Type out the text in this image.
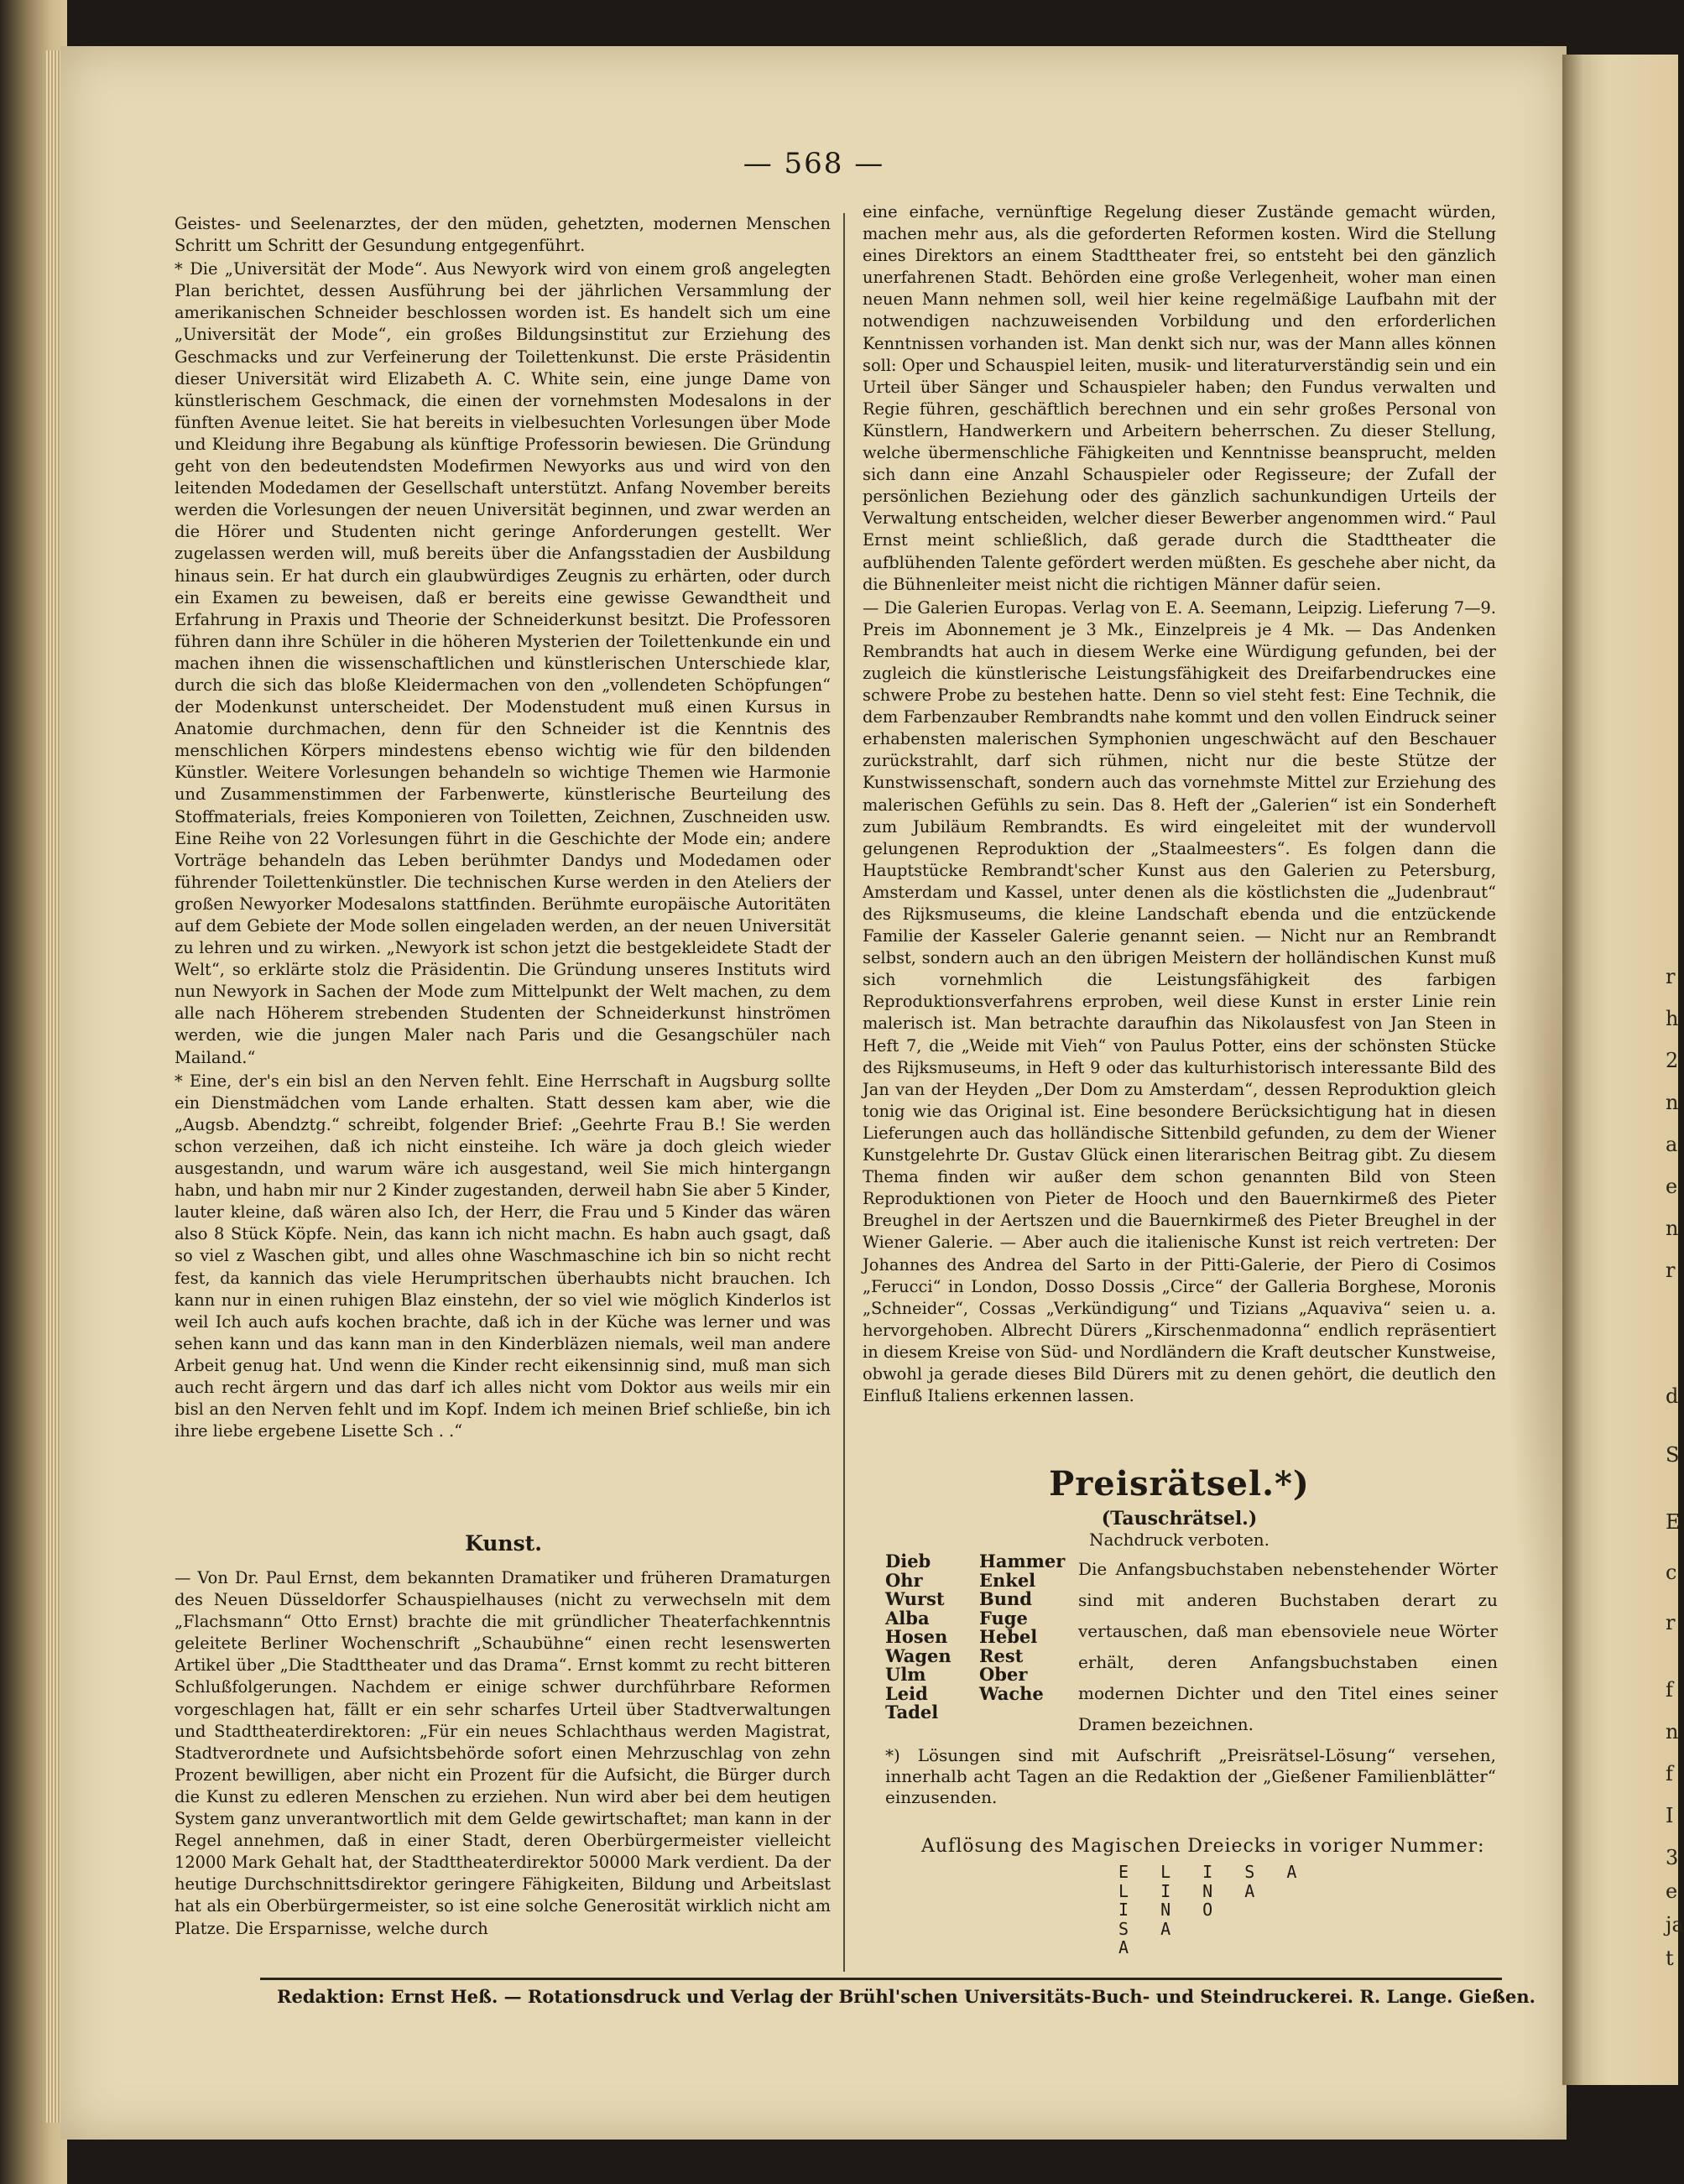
— 568 —

Geistes- und Seelenarztes, der den müden, gehetzten, modernen Menschen Schritt um Schritt der Gesundung entgegenführt.

* Die „Universität der Mode“. Aus Newyork wird von einem groß angelegten Plan berichtet, dessen Ausführung bei der jährlichen Versammlung der amerikanischen Schneider beschlossen worden ist. Es handelt sich um eine „Universität der Mode“, ein großes Bildungsinstitut zur Erziehung des Geschmacks und zur Verfeinerung der Toilettenkunst. Die erste Präsidentin dieser Universität wird Elizabeth A. C. White sein, eine junge Dame von künstlerischem Geschmack, die einen der vornehmsten Modesalons in der fünften Avenue leitet. Sie hat bereits in vielbesuchten Vorlesungen über Mode und Kleidung ihre Begabung als künftige Professorin bewiesen. Die Gründung geht von den bedeutendsten Modefirmen Newyorks aus und wird von den leitenden Modedamen der Gesellschaft unterstützt. Anfang November bereits werden die Vorlesungen der neuen Universität beginnen, und zwar werden an die Hörer und Studenten nicht geringe Anforderungen gestellt. Wer zugelassen werden will, muß bereits über die Anfangsstadien der Ausbildung hinaus sein. Er hat durch ein glaubwürdiges Zeugnis zu erhärten, oder durch ein Examen zu beweisen, daß er bereits eine gewisse Gewandtheit und Erfahrung in Praxis und Theorie der Schneiderkunst besitzt. Die Professoren führen dann ihre Schüler in die höheren Mysterien der Toilettenkunde ein und machen ihnen die wissenschaftlichen und künstlerischen Unterschiede klar, durch die sich das bloße Kleidermachen von den „vollendeten Schöpfungen“ der Modenkunst unterscheidet. Der Modenstudent muß einen Kursus in Anatomie durchmachen, denn für den Schneider ist die Kenntnis des menschlichen Körpers mindestens ebenso wichtig wie für den bildenden Künstler. Weitere Vorlesungen behandeln so wichtige Themen wie Harmonie und Zusammenstimmen der Farbenwerte, künstlerische Beurteilung des Stoffmaterials, freies Komponieren von Toiletten, Zeichnen, Zuschneiden usw. Eine Reihe von 22 Vorlesungen führt in die Geschichte der Mode ein; andere Vorträge behandeln das Leben berühmter Dandys und Modedamen oder führender Toilettenkünstler. Die technischen Kurse werden in den Ateliers der großen Newyorker Modesalons stattfinden. Berühmte europäische Autoritäten auf dem Gebiete der Mode sollen eingeladen werden, an der neuen Universität zu lehren und zu wirken. „Newyork ist schon jetzt die bestgekleidete Stadt der Welt“, so erklärte stolz die Präsidentin. Die Gründung unseres Instituts wird nun Newyork in Sachen der Mode zum Mittelpunkt der Welt machen, zu dem alle nach Höherem strebenden Studenten der Schneiderkunst hinströmen werden, wie die jungen Maler nach Paris und die Gesangschüler nach Mailand.“

* Eine, der's ein bisl an den Nerven fehlt. Eine Herrschaft in Augsburg sollte ein Dienstmädchen vom Lande erhalten. Statt dessen kam aber, wie die „Augsb. Abendztg.“ schreibt, folgender Brief: „Geehrte Frau B.! Sie werden schon verzeihen, daß ich nicht einsteihe. Ich wäre ja doch gleich wieder ausgestandn, und warum wäre ich ausgestand, weil Sie mich hintergangn habn, und habn mir nur 2 Kinder zugestanden, derweil habn Sie aber 5 Kinder, lauter kleine, daß wären also Ich, der Herr, die Frau und 5 Kinder das wären also 8 Stück Köpfe. Nein, das kann ich nicht machn. Es habn auch gsagt, daß so viel z Waschen gibt, und alles ohne Waschmaschine ich bin so nicht recht fest, da kannich das viele Herumpritschen überhaubts nicht brauchen. Ich kann nur in einen ruhigen Blaz einstehn, der so viel wie möglich Kinderlos ist weil Ich auch aufs kochen brachte, daß ich in der Küche was lerner und was sehen kann und das kann man in den Kinderbläzen niemals, weil man andere Arbeit genug hat. Und wenn die Kinder recht eikensinnig sind, muß man sich auch recht ärgern und das darf ich alles nicht vom Doktor aus weils mir ein bisl an den Nerven fehlt und im Kopf. Indem ich meinen Brief schließe, bin ich ihre liebe ergebene Lisette Sch . .“

Kunst.

— Von Dr. Paul Ernst, dem bekannten Dramatiker und früheren Dramaturgen des Neuen Düsseldorfer Schauspielhauses (nicht zu verwechseln mit dem „Flachsmann“ Otto Ernst) brachte die mit gründlicher Theaterfachkenntnis geleitete Berliner Wochenschrift „Schaubühne“ einen recht lesenswerten Artikel über „Die Stadttheater und das Drama“. Ernst kommt zu recht bitteren Schlußfolgerungen. Nachdem er einige schwer durchführbare Reformen vorgeschlagen hat, fällt er ein sehr scharfes Urteil über Stadtverwaltungen und Stadttheaterdirektoren: „Für ein neues Schlachthaus werden Magistrat, Stadtverordnete und Aufsichtsbehörde sofort einen Mehrzuschlag von zehn Prozent bewilligen, aber nicht ein Prozent für die Aufsicht, die Bürger durch die Kunst zu edleren Menschen zu erziehen. Nun wird aber bei dem heutigen System ganz unverantwortlich mit dem Gelde gewirtschaftet; man kann in der Regel annehmen, daß in einer Stadt, deren Oberbürgermeister vielleicht 12000 Mark Gehalt hat, der Stadttheaterdirektor 50000 Mark verdient. Da der heutige Durchschnittsdirektor geringere Fähigkeiten, Bildung und Arbeitslast hat als ein Oberbürgermeister, so ist eine solche Generosität wirklich nicht am Platze. Die Ersparnisse, welche durch

eine einfache, vernünftige Regelung dieser Zustände gemacht würden, machen mehr aus, als die geforderten Reformen kosten. Wird die Stellung eines Direktors an einem Stadttheater frei, so entsteht bei den gänzlich unerfahrenen Stadt. Behörden eine große Verlegenheit, woher man einen neuen Mann nehmen soll, weil hier keine regelmäßige Laufbahn mit der notwendigen nachzuweisenden Vorbildung und den erforderlichen Kenntnissen vorhanden ist. Man denkt sich nur, was der Mann alles können soll: Oper und Schauspiel leiten, musik- und literaturverständig sein und ein Urteil über Sänger und Schauspieler haben; den Fundus verwalten und Regie führen, geschäftlich berechnen und ein sehr großes Personal von Künstlern, Handwerkern und Arbeitern beherrschen. Zu dieser Stellung, welche übermenschliche Fähigkeiten und Kenntnisse beansprucht, melden sich dann eine Anzahl Schauspieler oder Regisseure; der Zufall der persönlichen Beziehung oder des gänzlich sachunkundigen Urteils der Verwaltung entscheiden, welcher dieser Bewerber angenommen wird.“ Paul Ernst meint schließlich, daß gerade durch die Stadttheater die aufblühenden Talente gefördert werden müßten. Es geschehe aber nicht, da die Bühnenleiter meist nicht die richtigen Männer dafür seien.

— Die Galerien Europas. Verlag von E. A. Seemann, Leipzig. Lieferung 7—9. Preis im Abonnement je 3 Mk., Einzelpreis je 4 Mk. — Das Andenken Rembrandts hat auch in diesem Werke eine Würdigung gefunden, bei der zugleich die künstlerische Leistungsfähigkeit des Dreifarbendruckes eine schwere Probe zu bestehen hatte. Denn so viel steht fest: Eine Technik, die dem Farbenzauber Rembrandts nahe kommt und den vollen Eindruck seiner erhabensten malerischen Symphonien ungeschwächt auf den Beschauer zurückstrahlt, darf sich rühmen, nicht nur die beste Stütze der Kunstwissenschaft, sondern auch das vornehmste Mittel zur Erziehung des malerischen Gefühls zu sein. Das 8. Heft der „Galerien“ ist ein Sonderheft zum Jubiläum Rembrandts. Es wird eingeleitet mit der wundervoll gelungenen Reproduktion der „Staalmeesters“. Es folgen dann die Hauptstücke Rembrandt'scher Kunst aus den Galerien zu Petersburg, Amsterdam und Kassel, unter denen als die köstlichsten die „Judenbraut“ des Rijksmuseums, die kleine Landschaft ebenda und die entzückende Familie der Kasseler Galerie genannt seien. — Nicht nur an Rembrandt selbst, sondern auch an den übrigen Meistern der holländischen Kunst muß sich vornehmlich die Leistungsfähigkeit des farbigen Reproduktionsverfahrens erproben, weil diese Kunst in erster Linie rein malerisch ist. Man betrachte daraufhin das Nikolausfest von Jan Steen in Heft 7, die „Weide mit Vieh“ von Paulus Potter, eins der schönsten Stücke des Rijksmuseums, in Heft 9 oder das kulturhistorisch interessante Bild des Jan van der Heyden „Der Dom zu Amsterdam“, dessen Reproduktion gleich tonig wie das Original ist. Eine besondere Berücksichtigung hat in diesen Lieferungen auch das holländische Sittenbild gefunden, zu dem der Wiener Kunstgelehrte Dr. Gustav Glück einen literarischen Beitrag gibt. Zu diesem Thema finden wir außer dem schon genannten Bild von Steen Reproduktionen von Pieter de Hooch und den Bauernkirmeß des Pieter Breughel in der Aertszen und die Bauernkirmeß des Pieter Breughel in der Wiener Galerie. — Aber auch die italienische Kunst ist reich vertreten: Der Johannes des Andrea del Sarto in der Pitti-Galerie, der Piero di Cosimos „Ferucci“ in London, Dosso Dossis „Circe“ der Galleria Borghese, Moronis „Schneider“, Cossas „Verkündigung“ und Tizians „Aquaviva“ seien u. a. hervorgehoben. Albrecht Dürers „Kirschenmadonna“ endlich repräsentiert in diesem Kreise von Süd- und Nordländern die Kraft deutscher Kunstweise, obwohl ja gerade dieses Bild Dürers mit zu denen gehört, die deutlich den Einfluß Italiens erkennen lassen.

Preisrätsel.*)
(Tauschrätsel.)
Nachdruck verboten.
Dieb	Hammer
Ohr	Enkel
Wurst	Bund
Alba	Fuge
Hosen	Hebel
Wagen	Rest
Ulm	Ober
Leid	Wache
Tadel
Die Anfangsbuchstaben nebenstehender Wörter sind mit anderen Buchstaben derart zu vertauschen, daß man ebensoviele neue Wörter erhält, deren Anfangsbuchstaben einen modernen Dichter und den Titel eines seiner Dramen bezeichnen.
*) Lösungen sind mit Aufschrift „Preisrätsel-Lösung“ versehen, innerhalb acht Tagen an die Redaktion der „Gießener Familienblätter“ einzusenden.
Auflösung des Magischen Dreiecks in voriger Nummer:
E L I S A
L I N A
I N O
S A
A
Redaktion: Ernst Heß. — Rotationsdruck und Verlag der Brühl'schen Universitäts-Buch- und Steindruckerei. R. Lange. Gießen.
r
h
2
n
a
e
n
r
d
S
E
c
r
f
n
f
I
3
e
ja
t
